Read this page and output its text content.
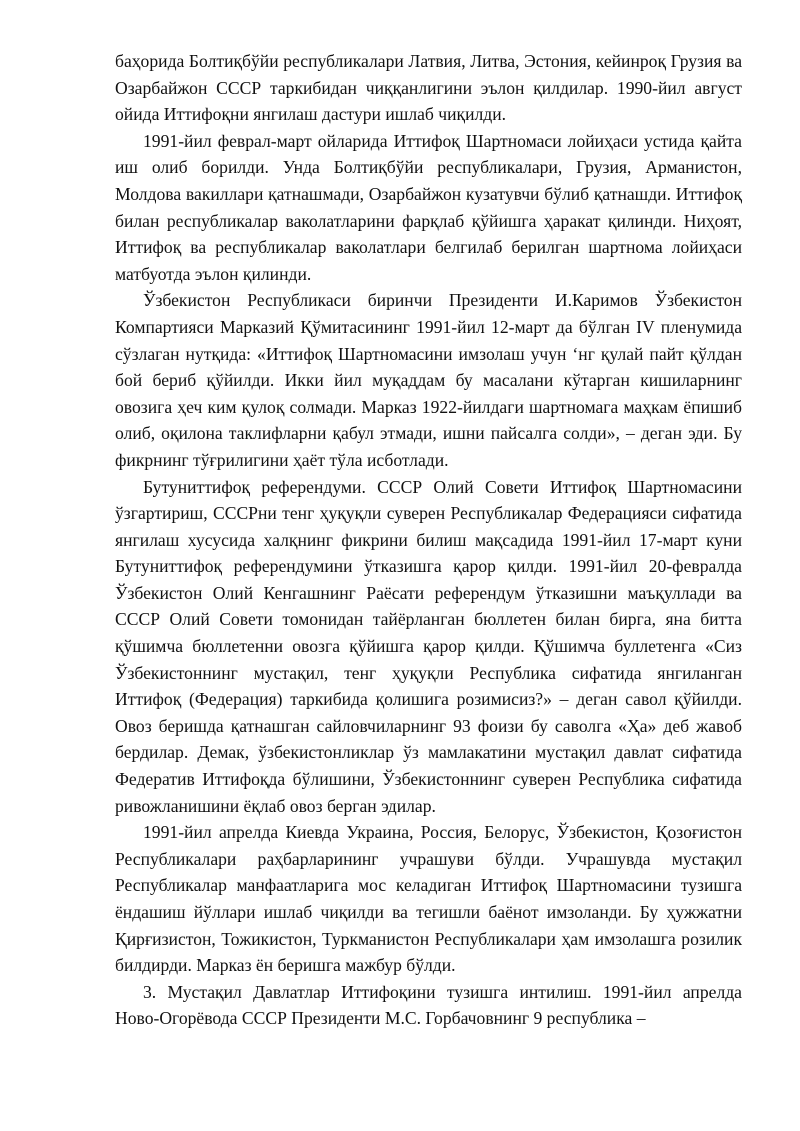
баҳорида Болтиқбўйи республикалари Латвия, Литва, Эстония, кейинроқ Грузия ва Озарбайжон СССР таркибидан чиққанлигини эълон қилдилар. 1990-йил август ойида Иттифоқни янгилаш дастури ишлаб чиқилди.

1991-йил феврал-март ойларида Иттифоқ Шартномаси лойиҳаси устида қайта иш олиб борилди. Унда Болтиқбўйи республикалари, Грузия, Арманистон, Молдова вакиллари қатнашмади, Озарбайжон кузатувчи бўлиб қатнашди. Иттифоқ билан республикалар ваколатларини фарқлаб қўйишга ҳаракат қилинди. Ниҳоят, Иттифоқ ва республикалар ваколатлари белгилаб берилган шартнома лойиҳаси матбуотда эълон қилинди.

Ўзбекистон Республикаси биринчи Президенти И.Каримов Ўзбекистон Компартияси Марказий Қўмитасининг 1991-йил 12-март да бўлган IV пленумида сўзлаган нутқида: «Иттифоқ Шартномасини имзолаш учун ‘нг қулай пайт қўлдан бой бериб қўйилди. Икки йил муқаддам бу масалани кўтарган кишиларнинг овозига ҳеч ким қулоқ солмади. Марказ 1922-йилдаги шартномага маҳкам ёпишиб олиб, оқилона таклифларни қабул этмади, ишни пайсалга солди», – деган эди. Бу фикрнинг тўғрилигини ҳаёт тўла исботлади.

Бутуниттифоқ референдуми. СССР Олий Совети Иттифоқ Шартномасини ўзгартириш, СССРни тенг ҳуқуқли суверен Республикалар Федерацияси сифатида янгилаш хусусида халқнинг фикрини билиш мақсадида 1991-йил 17-март куни Бутуниттифоқ референдумини ўтказишга қарор қилди. 1991-йил 20-февралда Ўзбекистон Олий Кенгашнинг Раёсати референдум ўтказишни маъқуллади ва СССР Олий Совети томонидан тайёрланган бюллетен билан бирга, яна битта қўшимча бюллетенни овозга қўйишга қарор қилди. Қўшимча буллетенга «Сиз Ўзбекистоннинг мустақил, тенг ҳуқуқли Республика сифатида янгиланган Иттифоқ (Федерация) таркибида қолишига розимисиз?» – деган савол қўйилди. Овоз беришда қатнашган сайловчиларнинг 93 фоизи бу саволга «Ҳа» деб жавоб бердилар. Демак, ўзбекистонликлар ўз мамлакатини мустақил давлат сифатида Федератив Иттифоқда бўлишини, Ўзбекистоннинг суверен Республика сифатида ривожланишини ёқлаб овоз берган эдилар.

1991-йил апрелда Киевда Украина, Россия, Белорус, Ўзбекистон, Қозоғистон Республикалари раҳбарларининг учрашуви бўлди. Учрашувда мустақил Республикалар манфаатларига мос келадиган Иттифоқ Шартномасини тузишга ёндашиш йўллари ишлаб чиқилди ва тегишли баёнот имзоланди. Бу ҳужжатни Қирғизистон, Тожикистон, Туркманистон Республикалари ҳам имзолашга розилик билдирди. Марказ ён беришга мажбур бўлди.

3. Мустақил Давлатлар Иттифоқини тузишга интилиш. 1991-йил апрелда Ново-Огорёвода СССР Президенти М.С. Горбачовнинг 9 республика –
